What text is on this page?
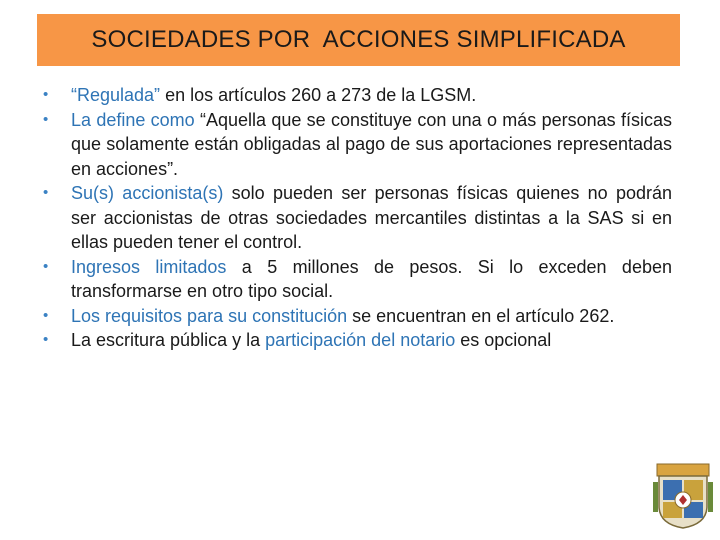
SOCIEDADES POR  ACCIONES SIMPLIFICADA
• “Regulada” en los artículos 260 a 273 de la LGSM.
• La define como “Aquella que se constituye con una o más personas físicas que solamente están obligadas al pago de sus aportaciones representadas en acciones”.
• Su(s) accionista(s) solo pueden ser personas físicas quienes no podrán ser accionistas de otras sociedades mercantiles distintas a la SAS si en ellas pueden tener el control.
• Ingresos limitados a 5 millones de pesos. Si lo exceden deben transformarse en otro tipo social.
• Los requisitos para su constitución se encuentran en el artículo 262.
• La escritura pública y la participación del notario es opcional
